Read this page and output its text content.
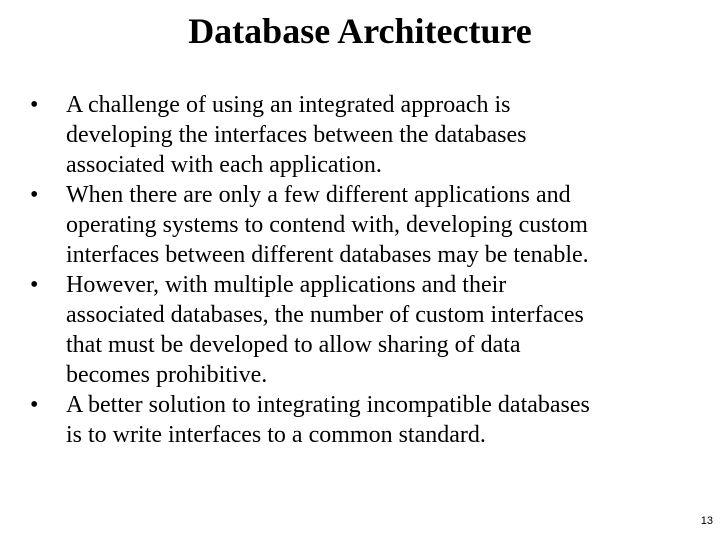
Database Architecture
•	A challenge of using an integrated approach is
developing the interfaces between the databases
associated with each application.
•	When there are only a few different applications and
operating systems to contend with, developing custom
interfaces between different databases may be tenable.
•	However, with multiple applications and their
associated databases, the number of custom interfaces
that must be developed to allow sharing of data
becomes prohibitive.
•	A better solution to integrating incompatible databases
is to write interfaces to a common standard.
13
